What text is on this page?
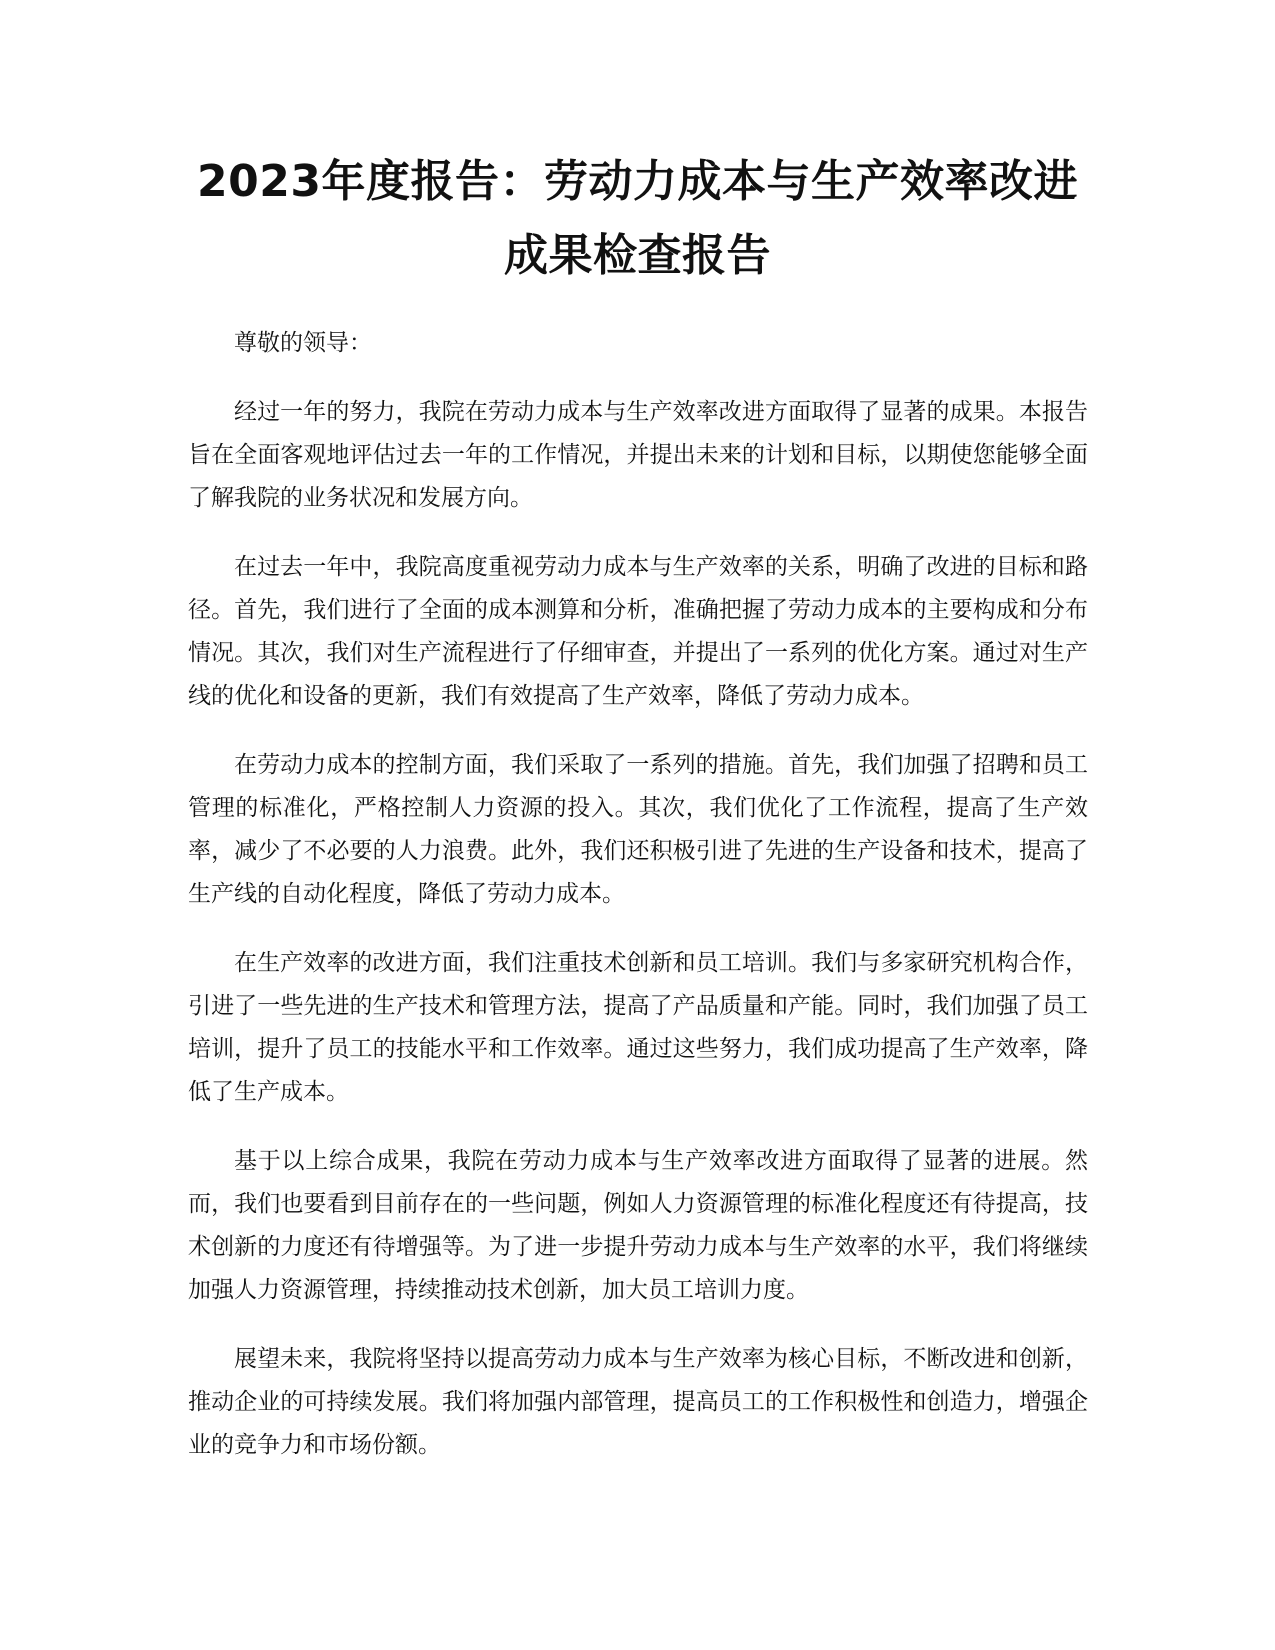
2023年度报告：劳动力成本与生产效率改进
成果检查报告

尊敬的领导：

经过一年的努力，我院在劳动力成本与生产效率改进方面取得了显著的成果。本报告旨在全面客观地评估过去一年的工作情况，并提出未来的计划和目标，以期使您能够全面了解我院的业务状况和发展方向。

在过去一年中，我院高度重视劳动力成本与生产效率的关系，明确了改进的目标和路径。首先，我们进行了全面的成本测算和分析，准确把握了劳动力成本的主要构成和分布情况。其次，我们对生产流程进行了仔细审查，并提出了一系列的优化方案。通过对生产线的优化和设备的更新，我们有效提高了生产效率，降低了劳动力成本。

在劳动力成本的控制方面，我们采取了一系列的措施。首先，我们加强了招聘和员工管理的标准化，严格控制人力资源的投入。其次，我们优化了工作流程，提高了生产效率，减少了不必要的人力浪费。此外，我们还积极引进了先进的生产设备和技术，提高了生产线的自动化程度，降低了劳动力成本。

在生产效率的改进方面，我们注重技术创新和员工培训。我们与多家研究机构合作，引进了一些先进的生产技术和管理方法，提高了产品质量和产能。同时，我们加强了员工培训，提升了员工的技能水平和工作效率。通过这些努力，我们成功提高了生产效率，降低了生产成本。

基于以上综合成果，我院在劳动力成本与生产效率改进方面取得了显著的进展。然而，我们也要看到目前存在的一些问题，例如人力资源管理的标准化程度还有待提高，技术创新的力度还有待增强等。为了进一步提升劳动力成本与生产效率的水平，我们将继续加强人力资源管理，持续推动技术创新，加大员工培训力度。

展望未来，我院将坚持以提高劳动力成本与生产效率为核心目标，不断改进和创新，推动企业的可持续发展。我们将加强内部管理，提高员工的工作积极性和创造力，增强企业的竞争力和市场份额。
